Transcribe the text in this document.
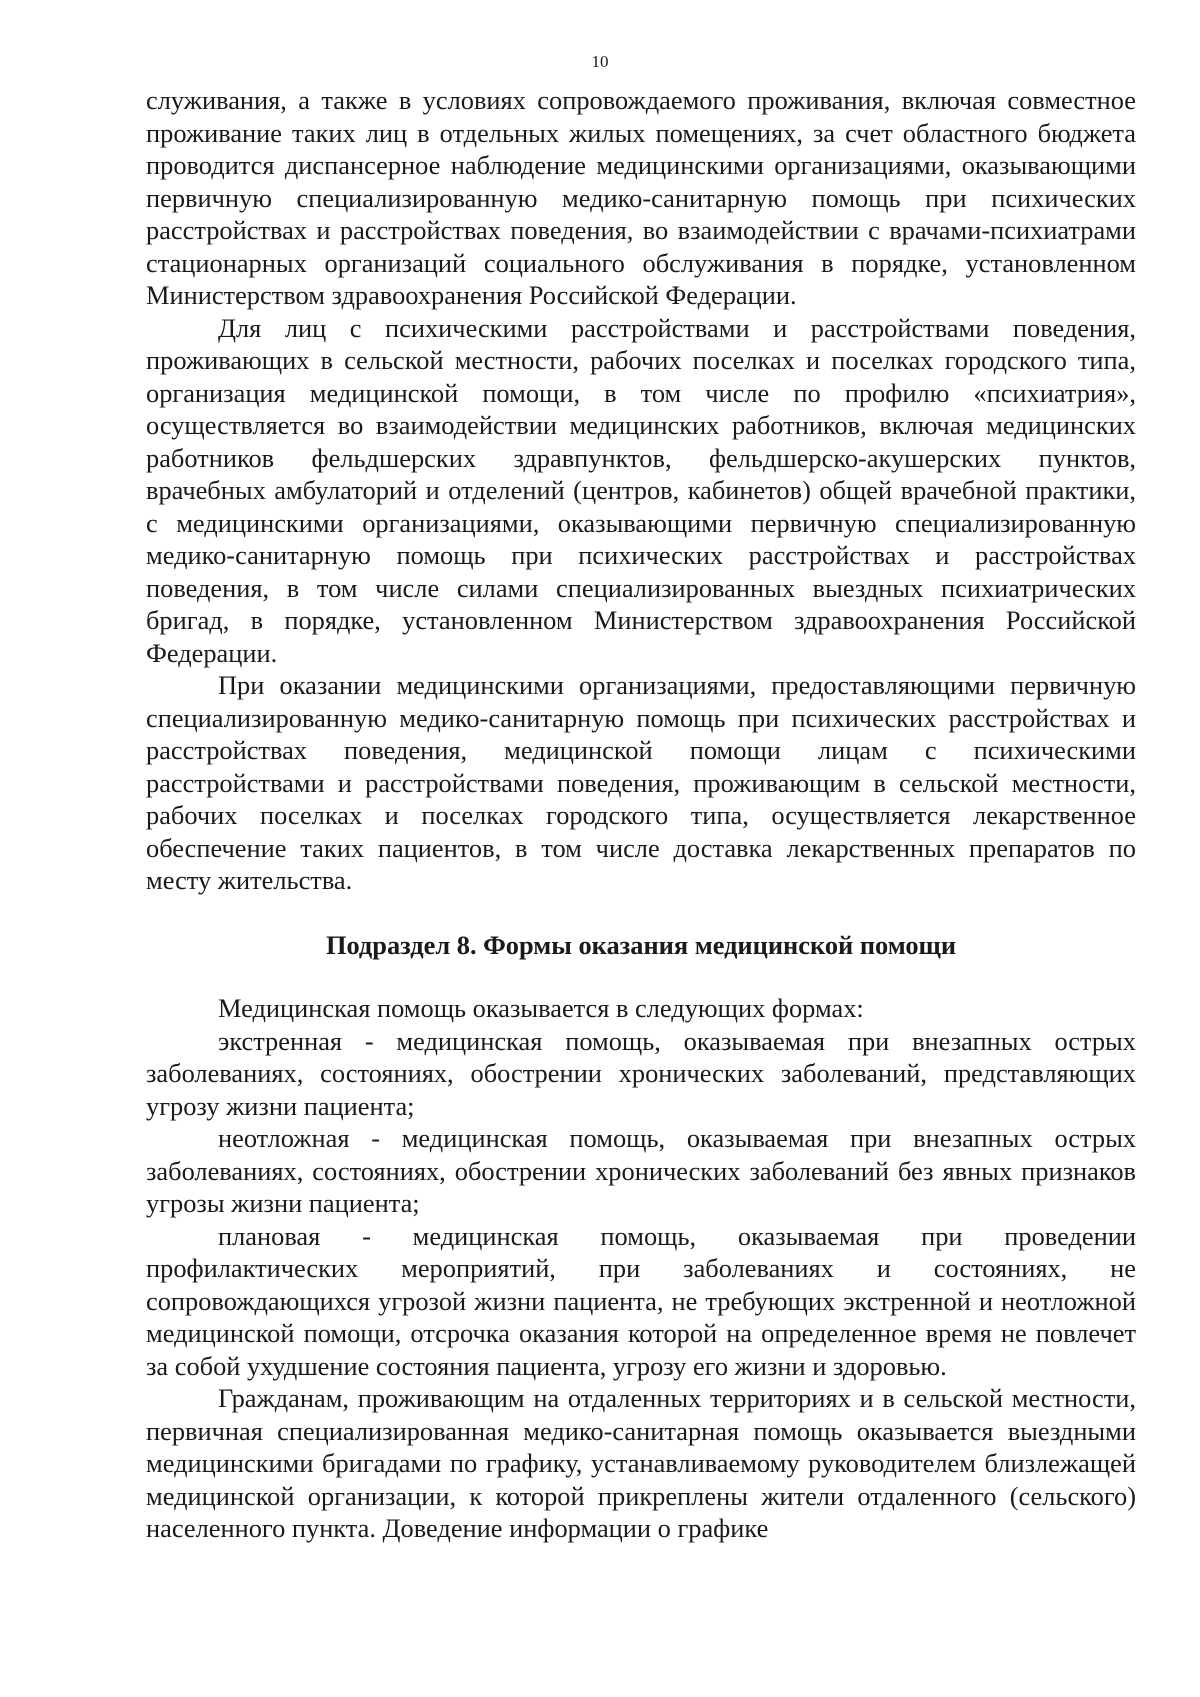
10

служивания, а также в условиях сопровождаемого проживания, включая совместное проживание таких лиц в отдельных жилых помещениях, за счет областного бюджета проводится диспансерное наблюдение медицинскими организациями, оказывающими первичную специализированную медико-санитарную помощь при психических расстройствах и расстройствах поведения, во взаимодействии с врачами-психиатрами стационарных организаций социального обслуживания в порядке, установленном Министерством здравоохранения Российской Федерации.

Для лиц с психическими расстройствами и расстройствами поведения, проживающих в сельской местности, рабочих поселках и поселках городского типа, организация медицинской помощи, в том числе по профилю «психиатрия», осуществляется во взаимодействии медицинских работников, включая медицинских работников фельдшерских здравпунктов, фельдшерско-акушерских пунктов, врачебных амбулаторий и отделений (центров, кабинетов) общей врачебной практики, с медицинскими организациями, оказывающими первичную специализированную медико-санитарную помощь при психических расстройствах и расстройствах поведения, в том числе силами специализированных выездных психиатрических бригад, в порядке, установленном Министерством здравоохранения Российской Федерации.

При оказании медицинскими организациями, предоставляющими первичную специализированную медико-санитарную помощь при психических расстройствах и расстройствах поведения, медицинской помощи лицам с психическими расстройствами и расстройствами поведения, проживающим в сельской местности, рабочих поселках и поселках городского типа, осуществляется лекарственное обеспечение таких пациентов, в том числе доставка лекарственных препаратов по месту жительства.

Подраздел 8. Формы оказания медицинской помощи

Медицинская помощь оказывается в следующих формах:

экстренная - медицинская помощь, оказываемая при внезапных острых заболеваниях, состояниях, обострении хронических заболеваний, представляющих угрозу жизни пациента;

неотложная - медицинская помощь, оказываемая при внезапных острых заболеваниях, состояниях, обострении хронических заболеваний без явных признаков угрозы жизни пациента;

плановая - медицинская помощь, оказываемая при проведении профилактических мероприятий, при заболеваниях и состояниях, не сопровождающихся угрозой жизни пациента, не требующих экстренной и неотложной медицинской помощи, отсрочка оказания которой на определенное время не повлечет за собой ухудшение состояния пациента, угрозу его жизни и здоровью.

Гражданам, проживающим на отдаленных территориях и в сельской местности, первичная специализированная медико-санитарная помощь оказывается выездными медицинскими бригадами по графику, устанавливаемому руководителем близлежащей медицинской организации, к которой прикреплены жители отдаленного (сельского) населенного пункта. Доведение информации о графике
